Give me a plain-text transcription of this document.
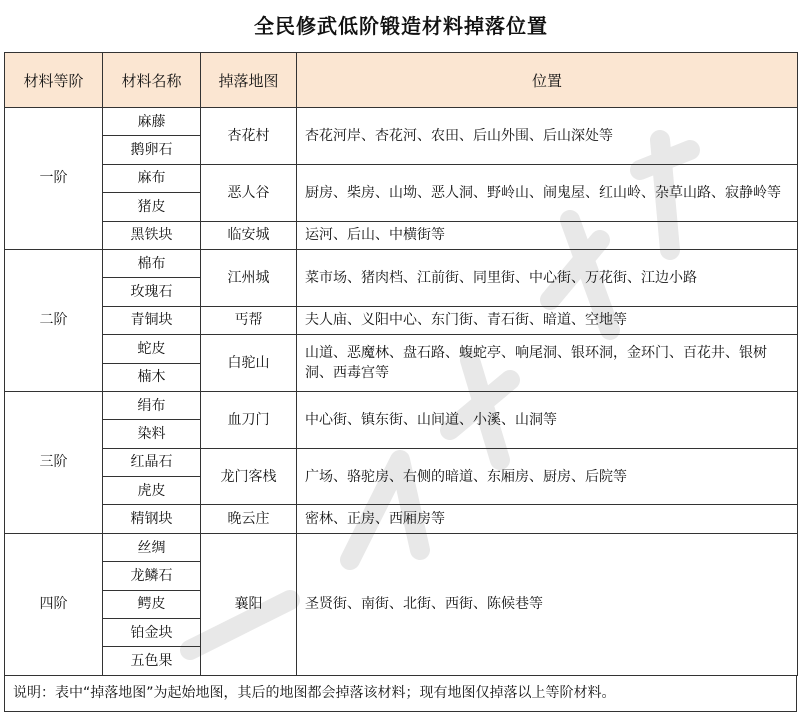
全民修武低阶锻造材料掉落位置
材料等阶	材料名称	掉落地图	位置
一阶	麻藤	杏花村	杏花河岸、杏花河、农田、后山外围、后山深处等
	鹅卵石		
	麻布	恶人谷	厨房、柴房、山坳、恶人洞、野岭山、闹鬼屋、红山岭、杂草山路、寂静岭等
	猪皮		
	黑铁块	临安城	运河、后山、中横街等
二阶	棉布	江州城	菜市场、猪肉档、江前街、同里街、中心街、万花街、江边小路
	玫瑰石		
	青铜块	丐帮	夫人庙、义阳中心、东门街、青石街、暗道、空地等
	蛇皮	白驼山	山道、恶魔林、盘石路、蝮蛇亭、响尾洞、银环洞，金环门、百花井、银树洞、西毒宫等
	楠木		
三阶	绢布	血刀门	中心街、镇东街、山间道、小溪、山洞等
	染料		
	红晶石	龙门客栈	广场、骆驼房、右侧的暗道、东厢房、厨房、后院等
	虎皮		
	精钢块	晚云庄	密林、正房、西厢房等
四阶	丝绸	襄阳	圣贤街、南街、北街、西街、陈候巷等
	龙鳞石		
	鳄皮		
	铂金块		
	五色果		
说明：表中“掉落地图”为起始地图，其后的地图都会掉落该材料；现有地图仅掉落以上等阶材料。
